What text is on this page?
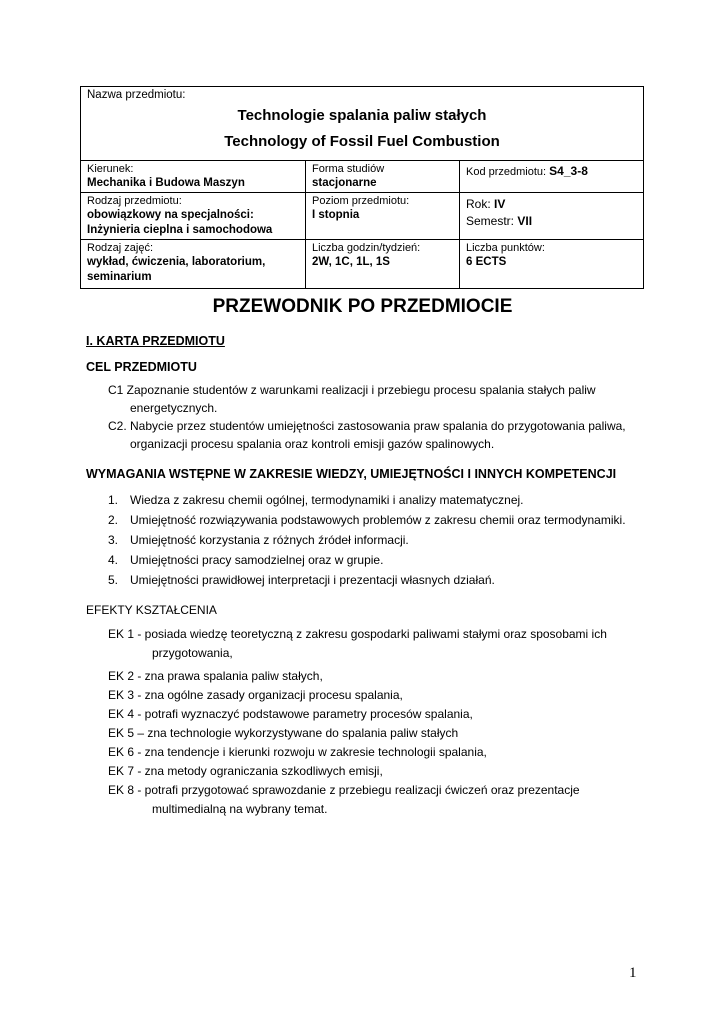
Nazwa przedmiotu:
Technologie spalania paliw stałych
Technology of Fossil Fuel Combustion
Kierunek:
Mechanika i Budowa Maszyn
Forma studiów
stacjonarne
Kod przedmiotu: S4_3-8
Rodzaj przedmiotu:
obowiązkowy na specjalności: Inżynieria cieplna i samochodowa
Poziom przedmiotu:
I stopnia
Rok: IV
Semestr: VII
Rodzaj zajęć:
wykład, ćwiczenia, laboratorium, seminarium
Liczba godzin/tydzień:
2W, 1C, 1L, 1S
Liczba punktów:
6 ECTS
PRZEWODNIK PO PRZEDMIOCIE
I. KARTA PRZEDMIOTU
CEL PRZEDMIOTU
C1 Zapoznanie studentów z warunkami realizacji i przebiegu procesu spalania stałych paliw
energetycznych.
C2. Nabycie przez studentów umiejętności zastosowania praw spalania do przygotowania paliwa,
organizacji procesu spalania oraz kontroli emisji gazów spalinowych.
WYMAGANIA WSTĘPNE W ZAKRESIE WIEDZY, UMIEJĘTNOŚCI I INNYCH KOMPETENCJI
1. Wiedza z zakresu chemii ogólnej, termodynamiki i analizy matematycznej.
2. Umiejętność rozwiązywania podstawowych problemów z zakresu chemii oraz termodynamiki.
3. Umiejętność korzystania z różnych źródeł informacji.
4. Umiejętności pracy samodzielnej oraz w grupie.
5. Umiejętności prawidłowej interpretacji i prezentacji własnych działań.
EFEKTY KSZTAŁCENIA
EK 1 - posiada wiedzę teoretyczną z zakresu gospodarki paliwami stałymi oraz sposobami ich
przygotowania,
EK 2 - zna prawa spalania paliw stałych,
EK 3 - zna ogólne zasady organizacji procesu spalania,
EK 4 - potrafi wyznaczyć podstawowe parametry procesów spalania,
EK 5 – zna technologie wykorzystywane do spalania paliw stałych
EK 6 - zna tendencje i kierunki rozwoju w zakresie technologii spalania,
EK 7 - zna metody ograniczania szkodliwych emisji,
EK 8 - potrafi przygotować sprawozdanie z przebiegu realizacji ćwiczeń oraz prezentacje
multimedialną na wybrany temat.
1
